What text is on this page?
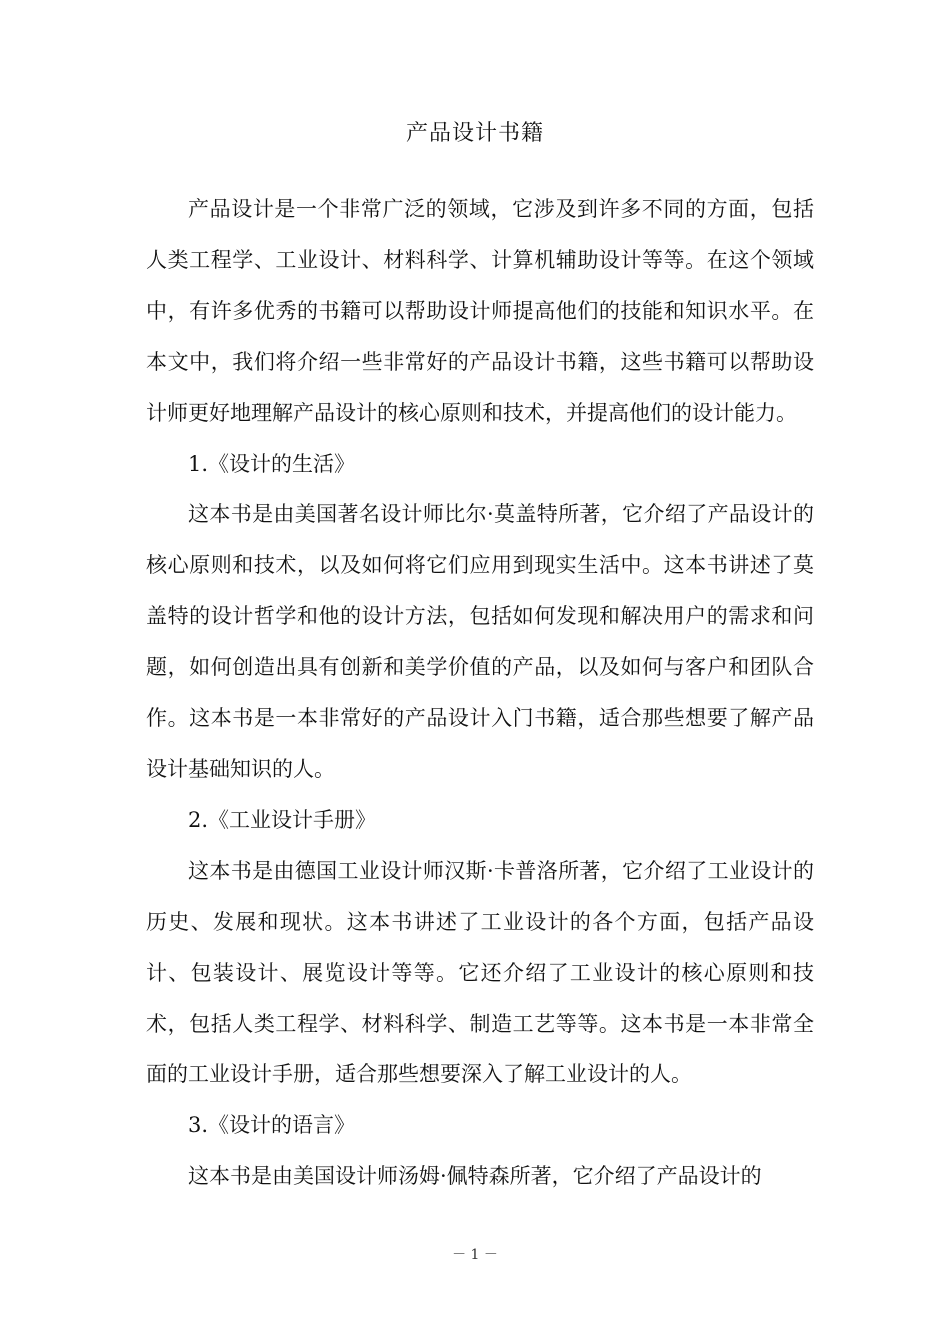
产品设计书籍

产品设计是一个非常广泛的领域，它涉及到许多不同的方面，包括人类工程学、工业设计、材料科学、计算机辅助设计等等。在这个领域中，有许多优秀的书籍可以帮助设计师提高他们的技能和知识水平。在本文中，我们将介绍一些非常好的产品设计书籍，这些书籍可以帮助设计师更好地理解产品设计的核心原则和技术，并提高他们的设计能力。

1.《设计的生活》

这本书是由美国著名设计师比尔·莫盖特所著，它介绍了产品设计的核心原则和技术，以及如何将它们应用到现实生活中。这本书讲述了莫盖特的设计哲学和他的设计方法，包括如何发现和解决用户的需求和问题，如何创造出具有创新和美学价值的产品，以及如何与客户和团队合作。这本书是一本非常好的产品设计入门书籍，适合那些想要了解产品设计基础知识的人。

2.《工业设计手册》

这本书是由德国工业设计师汉斯·卡普洛所著，它介绍了工业设计的历史、发展和现状。这本书讲述了工业设计的各个方面，包括产品设计、包装设计、展览设计等等。它还介绍了工业设计的核心原则和技术，包括人类工程学、材料科学、制造工艺等等。这本书是一本非常全面的工业设计手册，适合那些想要深入了解工业设计的人。

3.《设计的语言》

这本书是由美国设计师汤姆·佩特森所著，它介绍了产品设计的

－ 1 －
